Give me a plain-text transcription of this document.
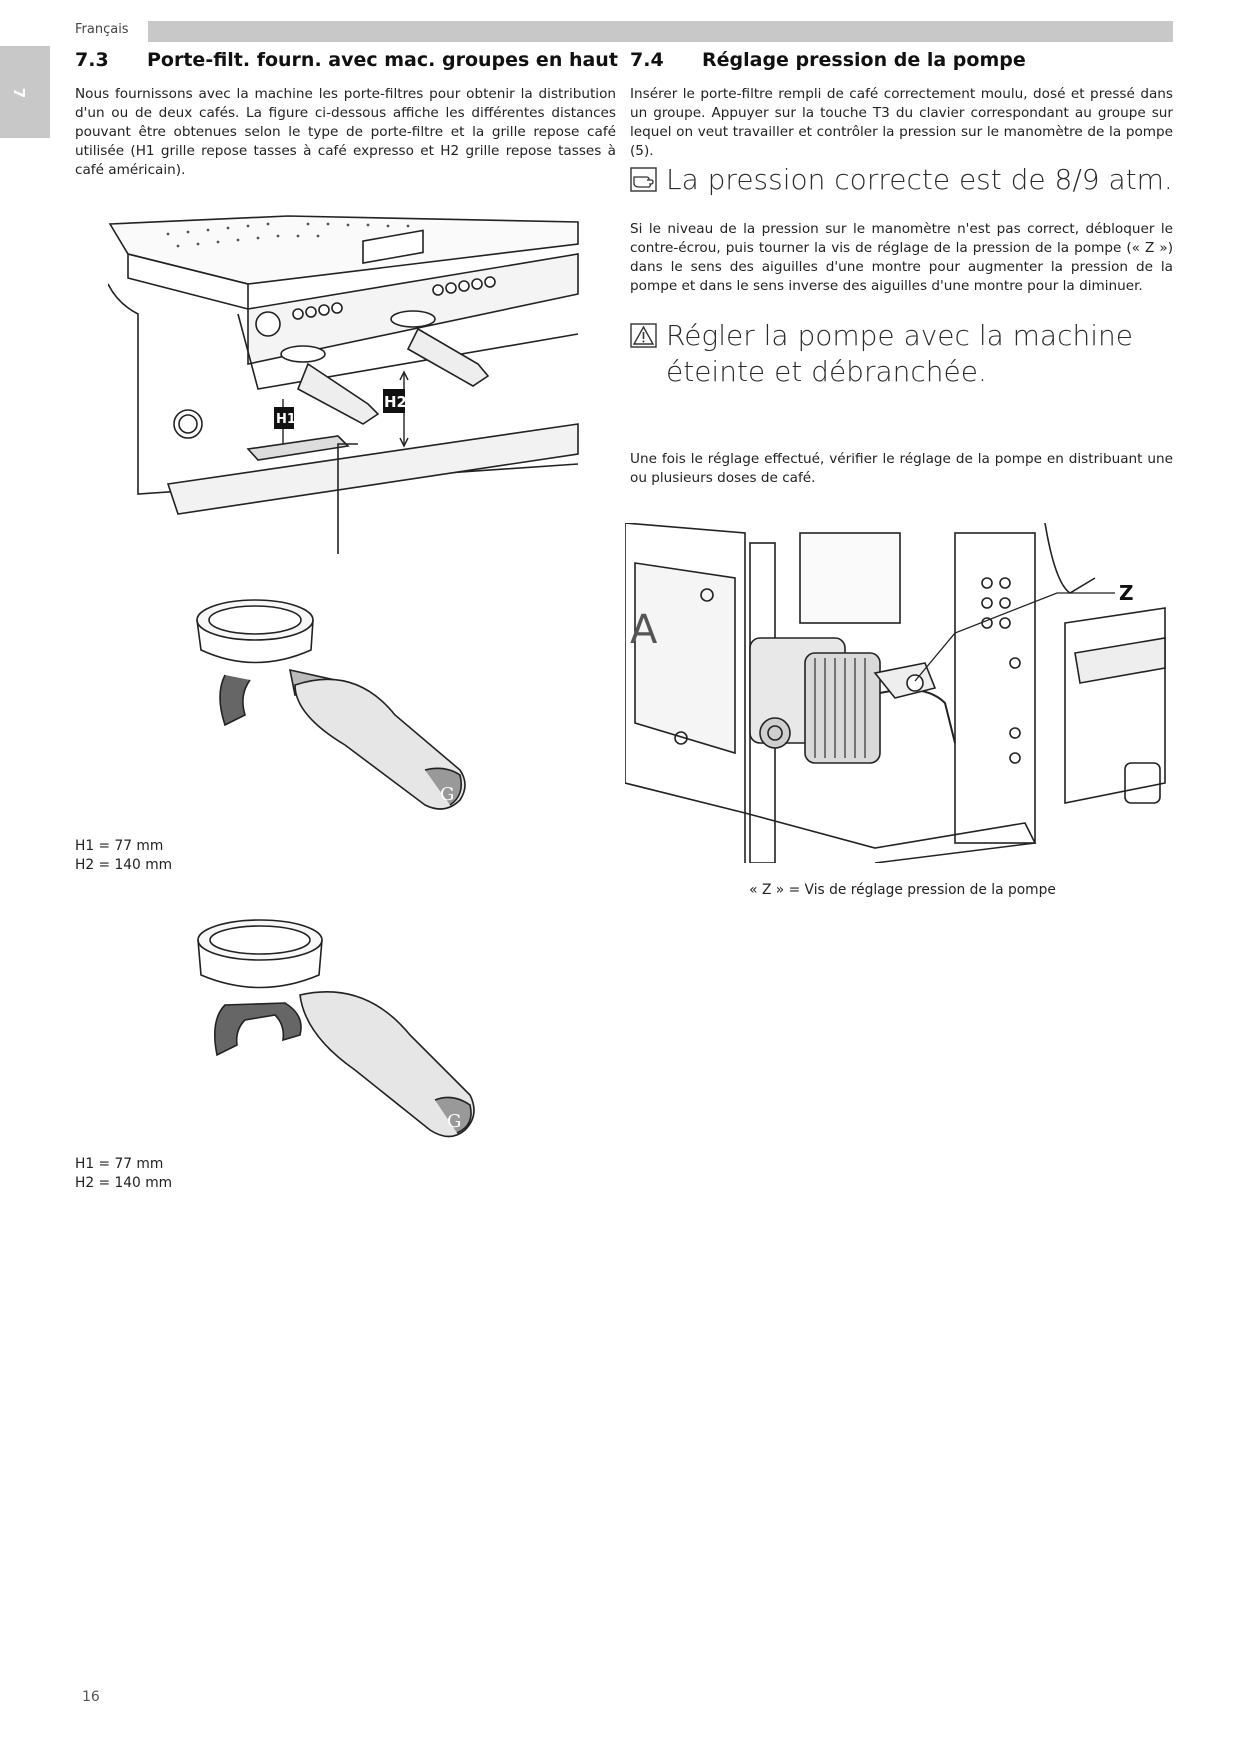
Français
7
7.3 Porte-filt. fourn. avec mac. groupes en haut
Nous fournissons avec la machine les porte-filtres pour obtenir la distribution d'un ou de deux cafés. La figure ci-dessous affiche les différentes distances pouvant être obtenues selon le type de porte-filtre et la grille repose café utilisée (H1 grille repose tasses à café expresso et H2 grille repose tasses à café américain).
H1
H2
G
H1 = 77 mm
H2 = 140 mm
G
H1 = 77 mm
H2 = 140 mm
7.4 Réglage pression de la pompe
Insérer le porte-filtre rempli de café correctement moulu, dosé et pressé dans un groupe. Appuyer sur la touche T3 du clavier correspondant au groupe sur lequel on veut travailler et contrôler la pression sur le manomètre de la pompe (5).
La pression correcte est de 8/9 atm.
Si le niveau de la pression sur le manomètre n'est pas correct, débloquer le contre-écrou, puis tourner la vis de réglage de la pression de la pompe (« Z ») dans le sens des aiguilles d'une montre pour augmenter la pression de la pompe et dans le sens inverse des aiguilles d'une montre pour la diminuer.
Régler la pompe avec la machine éteinte et débranchée.
Une fois le réglage effectué, vérifier le réglage de la pompe en distribuant une ou plusieurs doses de café.
A
Z
« Z » = Vis de réglage pression de la pompe
16
